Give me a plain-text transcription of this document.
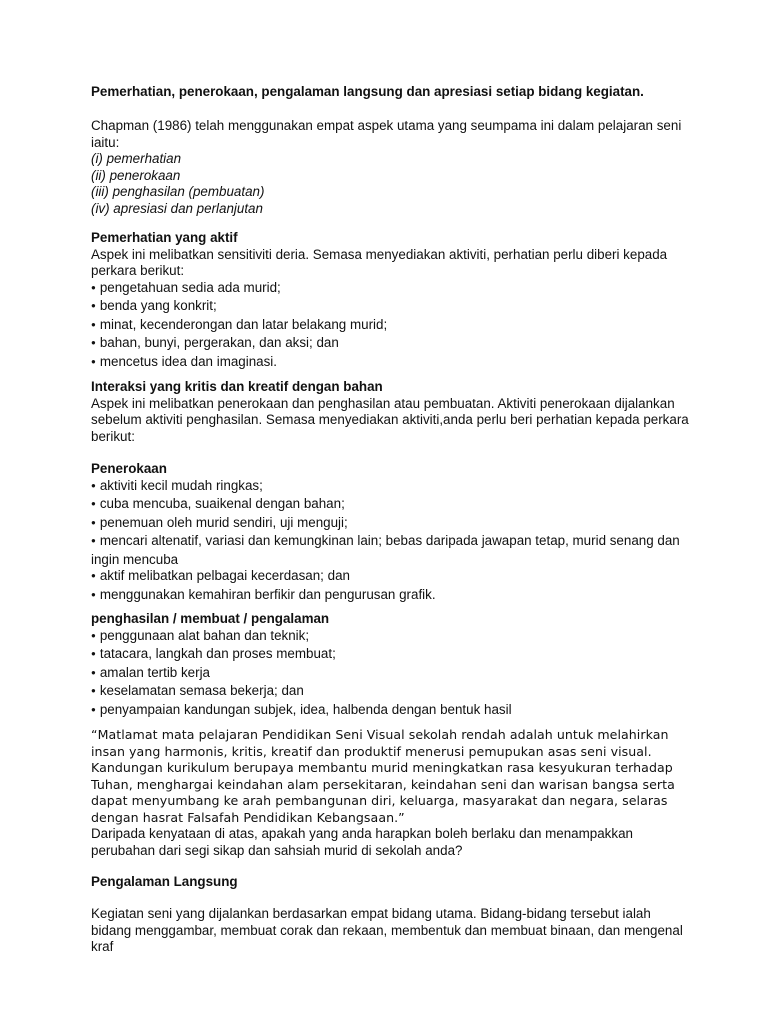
Pemerhatian, penerokaan, pengalaman langsung dan apresiasi setiap bidang kegiatan.

Chapman (1986) telah menggunakan empat aspek utama yang seumpama ini dalam pelajaran seni iaitu:

(i) pemerhatian

(ii) penerokaan

(iii) penghasilan (pembuatan)

(iv) apresiasi dan perlanjutan

Pemerhatian yang aktif

Aspek ini melibatkan sensitiviti deria. Semasa menyediakan aktiviti, perhatian perlu diberi kepada perkara berikut:

● pengetahuan sedia ada murid;
● benda yang konkrit;
● minat, kecenderongan dan latar belakang murid;
● bahan, bunyi, pergerakan, dan aksi; dan
● mencetus idea dan imaginasi.

Interaksi yang kritis dan kreatif dengan bahan

Aspek ini melibatkan penerokaan dan penghasilan atau pembuatan. Aktiviti penerokaan dijalankan sebelum aktiviti penghasilan. Semasa menyediakan aktiviti,anda perlu beri perhatian kepada perkara berikut:

Penerokaan

● aktiviti kecil mudah ringkas;
● cuba mencuba, suaikenal dengan bahan;
● penemuan oleh murid sendiri, uji menguji;
● mencari altenatif, variasi dan kemungkinan lain; bebas daripada jawapan tetap, murid senang dan ingin mencuba
● aktif melibatkan pelbagai kecerdasan; dan
● menggunakan kemahiran berfikir dan pengurusan grafik.

penghasilan / membuat / pengalaman

● penggunaan alat bahan dan teknik;
● tatacara, langkah dan proses membuat;
● amalan tertib kerja
● keselamatan semasa bekerja; dan
● penyampaian kandungan subjek, idea, halbenda dengan bentuk hasil

“Matlamat mata pelajaran Pendidikan Seni Visual sekolah rendah adalah untuk melahirkan insan yang harmonis, kritis, kreatif dan produktif menerusi pemupukan asas seni visual. Kandungan kurikulum berupaya membantu murid meningkatkan rasa kesyukuran terhadap Tuhan, menghargai keindahan alam persekitaran, keindahan seni dan warisan bangsa serta dapat menyumbang ke arah pembangunan diri, keluarga, masyarakat dan negara, selaras dengan hasrat Falsafah Pendidikan Kebangsaan.”

Daripada kenyataan di atas, apakah yang anda harapkan boleh berlaku dan menampakkan perubahan dari segi sikap dan sahsiah murid di sekolah anda?

Pengalaman Langsung

Kegiatan seni yang dijalankan berdasarkan empat bidang utama. Bidang-bidang tersebut ialah bidang menggambar, membuat corak dan rekaan, membentuk dan membuat binaan, dan mengenal kraf
